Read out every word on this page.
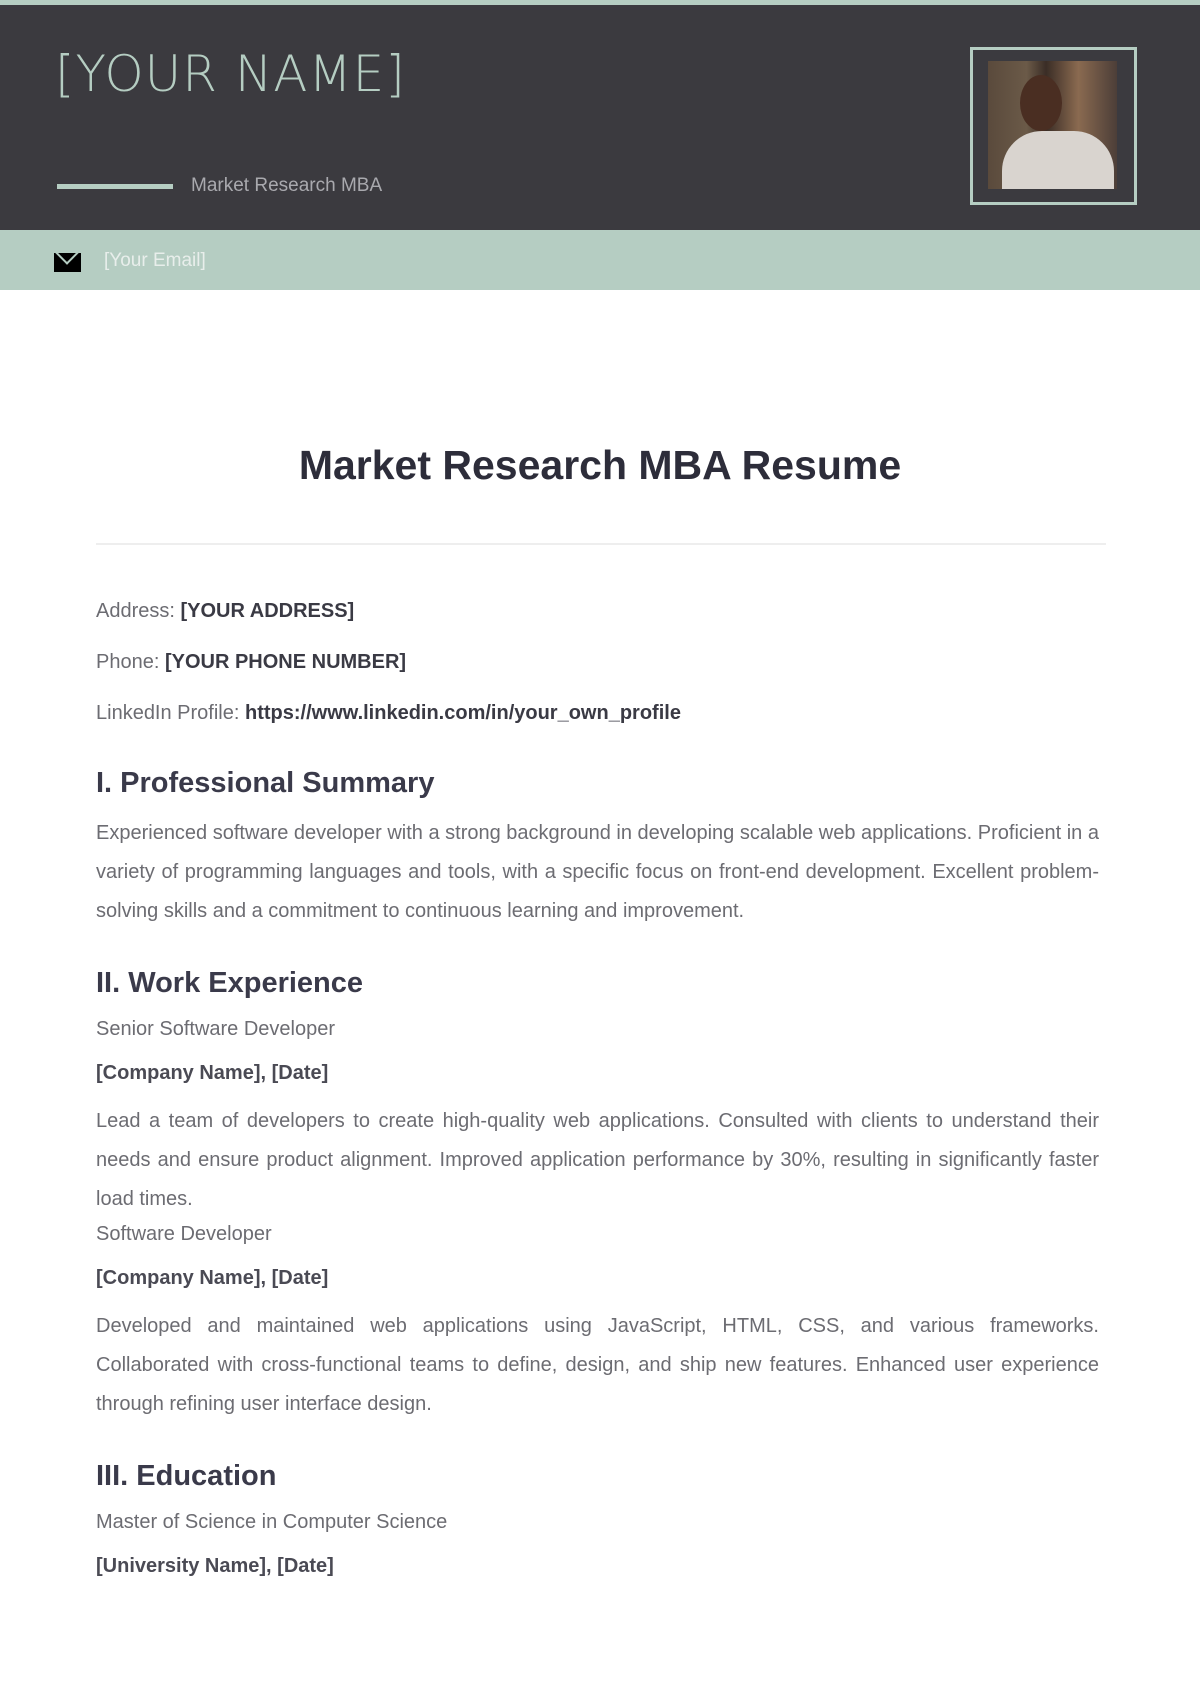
[YOUR NAME]
Market Research MBA
[Your Email]
Market Research MBA Resume
Address: [YOUR ADDRESS]
Phone: [YOUR PHONE NUMBER]
LinkedIn Profile: https://www.linkedin.com/in/your_own_profile
I. Professional Summary

Experienced software developer with a strong background in developing scalable web applications. Proficient in a variety of programming languages and tools, with a specific focus on front-end development. Excellent problem-solving skills and a commitment to continuous learning and improvement.

II. Work Experience
Senior Software Developer
[Company Name], [Date]

Lead a team of developers to create high-quality web applications. Consulted with clients to understand their needs and ensure product alignment. Improved application performance by 30%, resulting in significantly faster load times.

Software Developer
[Company Name], [Date]

Developed and maintained web applications using JavaScript, HTML, CSS, and various frameworks. Collaborated with cross-functional teams to define, design, and ship new features. Enhanced user experience through refining user interface design.

III. Education
Master of Science in Computer Science
[University Name], [Date]
